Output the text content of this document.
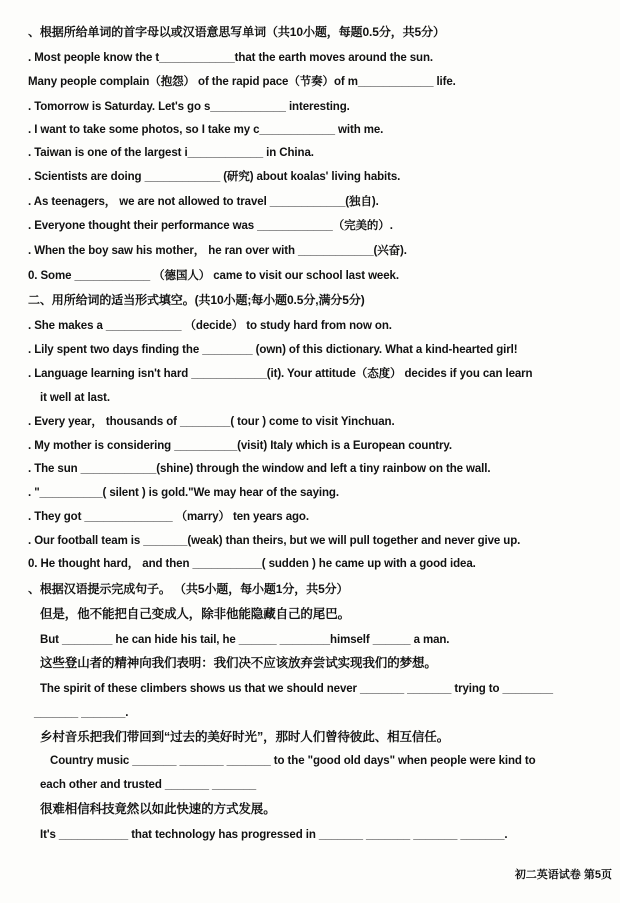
、根据所给单词的首字母以或汉语意思写单词（共10小题，每题0.5分，共5分）
. Most people know the t____________that the earth moves around the sun.
Many people complain（抱怨） of the rapid pace（节奏）of m____________ life.
. Tomorrow is Saturday. Let's go s____________ interesting.
. I want to take some photos, so I take my c____________ with me.
. Taiwan is one of the largest i____________ in China.
. Scientists are doing ____________ (研究) about koalas' living habits.
. As teenagers， we are not allowed to travel ____________(独自).
. Everyone thought their performance was ____________（完美的）.
. When the boy saw his mother， he ran over with ____________(兴奋).
0. Some ____________ （德国人） came to visit our school last week.
二、用所给词的适当形式填空。(共10小题;每小题0.5分,满分5分)
. She makes a ____________ （decide） to study hard from now on.
. Lily spent two days finding the ________ (own) of this dictionary. What a kind-hearted girl!
. Language learning isn't hard ____________(it). Your attitude（态度） decides if you can learn
it well at last.
. Every year， thousands of ________( tour ) come to visit Yinchuan.
. My mother is considering __________(visit) Italy which is a European country.
. The sun ____________(shine) through the window and left a tiny rainbow on the wall.
. "__________( silent ) is gold."We may hear of the saying.
. They got ______________ （marry） ten years ago.
. Our football team is _______(weak) than theirs, but we will pull together and never give up.
0. He thought hard， and then ___________( sudden ) he came up with a good idea.
、根据汉语提示完成句子。 （共5小题，每小题1分，共5分）
但是，他不能把自己变成人，除非他能隐藏自己的尾巴。
But ________ he can hide his tail, he ______ ________himself ______ a man.
这些登山者的精神向我们表明：我们决不应该放弃尝试实现我们的梦想。
The spirit of these climbers shows us that we should never _______ _______ trying to ________
_______ _______.
乡村音乐把我们带回到“过去的美好时光”，那时人们曾待彼此、相互信任。
Country music _______ _______ _______ to the "good old days" when people were kind to
each other and trusted _______ _______
很难相信科技竟然以如此快速的方式发展。
It's ___________ that technology has progressed in _______ _______ _______ _______.
初二英语试卷 第5页
